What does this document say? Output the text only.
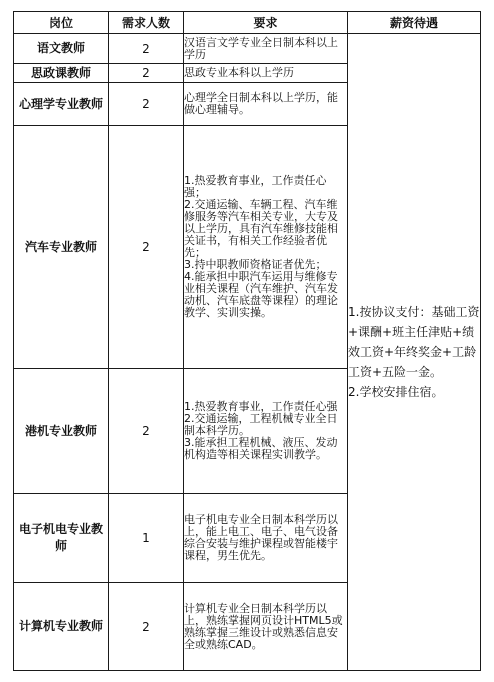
岗位	需求人数	要求	薪资待遇
语文教师	2	汉语言文学专业全日制本科以上学历	1.按协议支付：基础工资+课酬+班主任津贴+绩效工资+年终奖金+工龄工资+五险一金。
2.学校安排住宿。
思政课教师	2	思政专业本科以上学历	
心理学专业教师	2	心理学全日制本科以上学历，能做心理辅导。	
汽车专业教师	2	1.热爱教育事业，工作责任心强；
2.交通运输、车辆工程、汽车维修服务等汽车相关专业，大专及以上学历，具有汽车维修技能相关证书，有相关工作经验者优先；
3.持中职教师资格证者优先；
4.能承担中职汽车运用与维修专业相关课程（汽车维护、汽车发动机、汽车底盘等课程）的理论教学、实训实操。	
港机专业教师	2	1.热爱教育事业，工作责任心强
2.交通运输，工程机械专业全日制本科学历。
3.能承担工程机械、液压、发动机构造等相关课程实训教学。	
电子机电专业教师	1	电子机电专业全日制本科学历以上，能上电工、电子、电气设备综合安装与维护课程或智能楼宇课程，男生优先。	
计算机专业教师	2	计算机专业全日制本科学历以上，熟练掌握网页设计HTML5或熟练掌握三维设计或熟悉信息安全或熟练CAD。	
